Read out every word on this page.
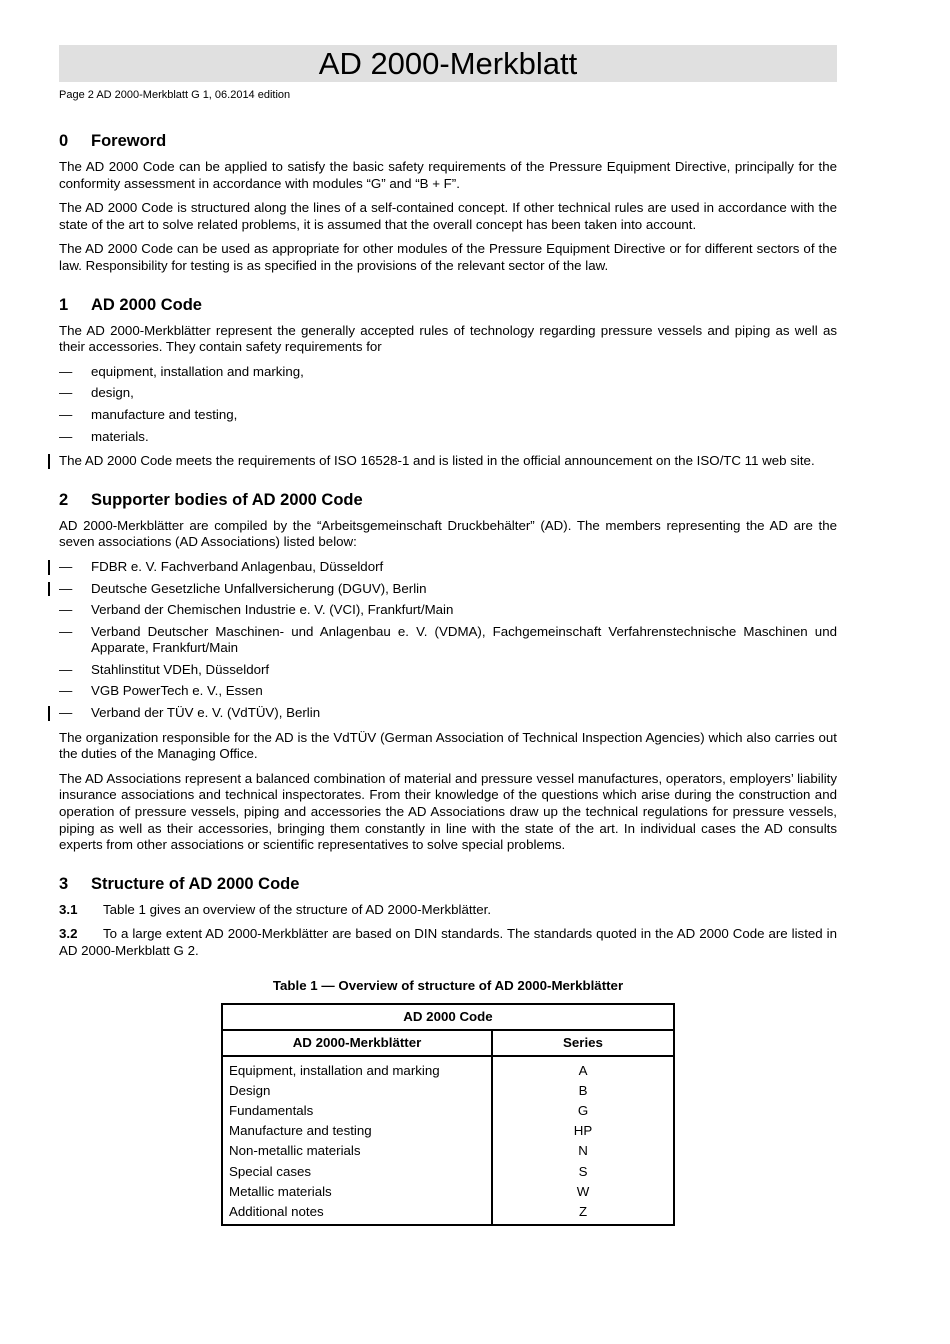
AD 2000-Merkblatt
Page 2 AD 2000-Merkblatt G 1, 06.2014 edition
0	Foreword

The AD 2000 Code can be applied to satisfy the basic safety requirements of the Pressure Equipment Directive, principally for the conformity assessment in accordance with modules “G” and “B + F”.

The AD 2000 Code is structured along the lines of a self-contained concept. If other technical rules are used in accordance with the state of the art to solve related problems, it is assumed that the overall concept has been taken into account.

The AD 2000 Code can be used as appropriate for other modules of the Pressure Equipment Directive or for different sectors of the law. Responsibility for testing is as specified in the provisions of the relevant sector of the law.

1	AD 2000 Code

The AD 2000-Merkblätter represent the generally accepted rules of technology regarding pressure vessels and piping as well as their accessories. They contain safety requirements for

— equipment, installation and marking,
— design,
— manufacture and testing,
— materials.

The AD 2000 Code meets the requirements of ISO 16528-1 and is listed in the official announcement on the ISO/TC 11 web site.

2	Supporter bodies of AD 2000 Code

AD 2000-Merkblätter are compiled by the “Arbeitsgemeinschaft Druckbehälter” (AD). The members representing the AD are the seven associations (AD Associations) listed below:

— FDBR e. V. Fachverband Anlagenbau, Düsseldorf
— Deutsche Gesetzliche Unfallversicherung (DGUV), Berlin
— Verband der Chemischen Industrie e. V. (VCI), Frankfurt/Main
— Verband Deutscher Maschinen- und Anlagenbau e. V. (VDMA), Fachgemeinschaft Verfahrenstechnische Maschinen und Apparate, Frankfurt/Main
— Stahlinstitut VDEh, Düsseldorf
— VGB PowerTech e. V., Essen
— Verband der TÜV e. V. (VdTÜV), Berlin

The organization responsible for the AD is the VdTÜV (German Association of Technical Inspection Agencies) which also carries out the duties of the Managing Office.

The AD Associations represent a balanced combination of material and pressure vessel manufactures, operators, employers’ liability insurance associations and technical inspectorates. From their knowledge of the questions which arise during the construction and operation of pressure vessels, piping and accessories the AD Associations draw up the technical regulations for pressure vessels, piping as well as their accessories, bringing them constantly in line with the state of the art. In individual cases the AD consults experts from other associations or scientific representatives to solve special problems.

3	Structure of AD 2000 Code

3.1 Table 1 gives an overview of the structure of AD 2000-Merkblätter.

3.2 To a large extent AD 2000-Merkblätter are based on DIN standards. The standards quoted in the AD 2000 Code are listed in AD 2000-Merkblatt G 2.

Table 1 — Overview of structure of AD 2000-Merkblätter
AD 2000 Code	
AD 2000-Merkblätter	Series
Equipment, installation and marking	A
Design	B
Fundamentals	G
Manufacture and testing	HP
Non-metallic materials	N
Special cases	S
Metallic materials	W
Additional notes	Z
